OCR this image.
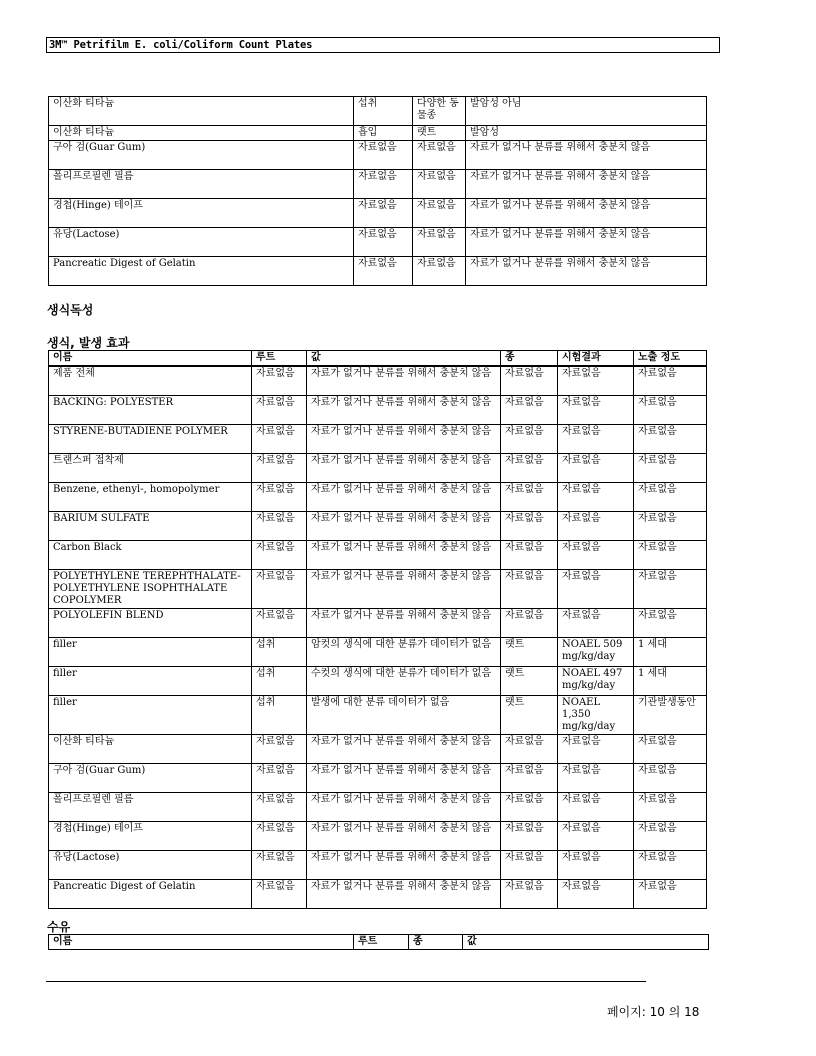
3M™ Petrifilm E. coli/Coliform Count Plates
이산화 티타늄	섭취	다양한 동물종	발암성 아님
이산화 티타늄	흡입	랫트	발암성
구아 검(Guar Gum)	자료없음	자료없음	자료가 없거나 분류를 위해서 충분치 않음
폴리프로필렌 필름	자료없음	자료없음	자료가 없거나 분류를 위해서 충분치 않음
경첩(Hinge) 테이프	자료없음	자료없음	자료가 없거나 분류를 위해서 충분치 않음
유당(Lactose)	자료없음	자료없음	자료가 없거나 분류를 위해서 충분치 않음
Pancreatic Digest of Gelatin	자료없음	자료없음	자료가 없거나 분류를 위해서 충분치 않음
생식독성
생식, 발생 효과
이름	루트	값	종	시험결과	노출 정도
제품 전체	자료없음	자료가 없거나 분류를 위해서 충분치 않음	자료없음	자료없음	자료없음
BACKING: POLYESTER	자료없음	자료가 없거나 분류를 위해서 충분치 않음	자료없음	자료없음	자료없음
STYRENE-BUTADIENE POLYMER	자료없음	자료가 없거나 분류를 위해서 충분치 않음	자료없음	자료없음	자료없음
트랜스퍼 접착제	자료없음	자료가 없거나 분류를 위해서 충분치 않음	자료없음	자료없음	자료없음
Benzene, ethenyl-, homopolymer	자료없음	자료가 없거나 분류를 위해서 충분치 않음	자료없음	자료없음	자료없음
BARIUM SULFATE	자료없음	자료가 없거나 분류를 위해서 충분치 않음	자료없음	자료없음	자료없음
Carbon Black	자료없음	자료가 없거나 분류를 위해서 충분치 않음	자료없음	자료없음	자료없음
POLYETHYLENE TEREPHTHALATE-POLYETHYLENE ISOPHTHALATE COPOLYMER	자료없음	자료가 없거나 분류를 위해서 충분치 않음	자료없음	자료없음	자료없음
POLYOLEFIN BLEND	자료없음	자료가 없거나 분류를 위해서 충분치 않음	자료없음	자료없음	자료없음
filler	섭취	암컷의 생식에 대한 분류가 데이터가 없음	랫트	NOAEL 509 mg/kg/day	1 세대
filler	섭취	수컷의 생식에 대한 분류가 데이터가 없음	랫트	NOAEL 497 mg/kg/day	1 세대
filler	섭취	발생에 대한 분류 데이터가 없음	랫트	NOAEL 1,350 mg/kg/day	기관발생동안
이산화 티타늄	자료없음	자료가 없거나 분류를 위해서 충분치 않음	자료없음	자료없음	자료없음
구아 검(Guar Gum)	자료없음	자료가 없거나 분류를 위해서 충분치 않음	자료없음	자료없음	자료없음
폴리프로필렌 필름	자료없음	자료가 없거나 분류를 위해서 충분치 않음	자료없음	자료없음	자료없음
경첩(Hinge) 테이프	자료없음	자료가 없거나 분류를 위해서 충분치 않음	자료없음	자료없음	자료없음
유당(Lactose)	자료없음	자료가 없거나 분류를 위해서 충분치 않음	자료없음	자료없음	자료없음
Pancreatic Digest of Gelatin	자료없음	자료가 없거나 분류를 위해서 충분치 않음	자료없음	자료없음	자료없음
수유
이름	루트	종	값
페이지: 10 의 18
